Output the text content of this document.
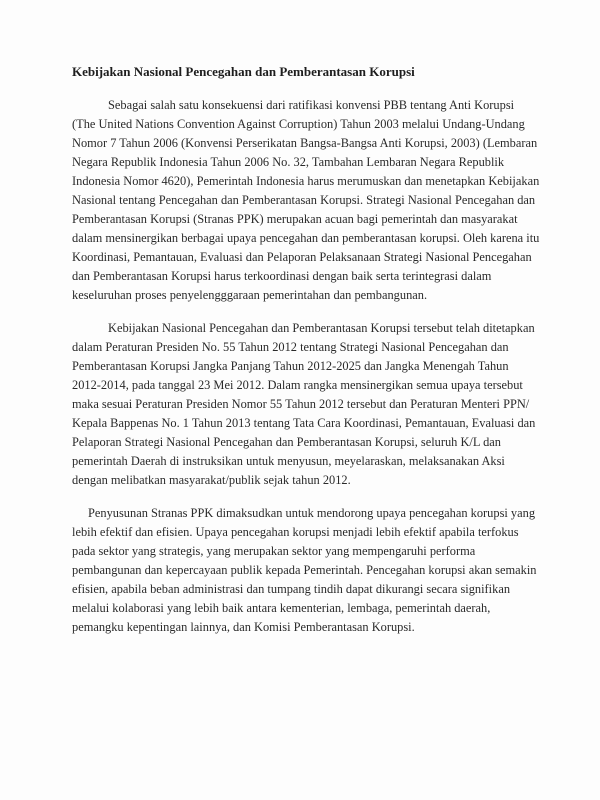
Kebijakan Nasional Pencegahan dan Pemberantasan Korupsi

Sebagai salah satu konsekuensi dari ratifikasi konvensi PBB tentang Anti Korupsi (The United Nations Convention Against Corruption) Tahun 2003 melalui Undang-Undang Nomor 7 Tahun 2006 (Konvensi Perserikatan Bangsa-Bangsa Anti Korupsi, 2003) (Lembaran Negara Republik Indonesia Tahun 2006 No. 32, Tambahan Lembaran Negara Republik Indonesia Nomor 4620), Pemerintah Indonesia harus merumuskan dan menetapkan Kebijakan Nasional tentang Pencegahan dan Pemberantasan Korupsi. Strategi Nasional Pencegahan dan Pemberantasan Korupsi (Stranas PPK) merupakan acuan bagi pemerintah dan masyarakat dalam mensinergikan berbagai upaya pencegahan dan pemberantasan korupsi. Oleh karena itu Koordinasi, Pemantauan, Evaluasi dan Pelaporan Pelaksanaan Strategi Nasional Pencegahan dan Pemberantasan Korupsi harus terkoordinasi dengan baik serta terintegrasi dalam keseluruhan proses penyelengggaraan pemerintahan dan pembangunan.

Kebijakan Nasional Pencegahan dan Pemberantasan Korupsi tersebut telah ditetapkan dalam Peraturan Presiden No. 55 Tahun 2012 tentang Strategi Nasional Pencegahan dan Pemberantasan Korupsi Jangka Panjang Tahun 2012-2025 dan Jangka Menengah Tahun 2012-2014, pada tanggal 23 Mei 2012. Dalam rangka mensinergikan semua upaya tersebut maka sesuai Peraturan Presiden Nomor 55 Tahun 2012 tersebut dan Peraturan Menteri PPN/ Kepala Bappenas No. 1 Tahun 2013 tentang Tata Cara Koordinasi, Pemantauan, Evaluasi dan Pelaporan Strategi Nasional Pencegahan dan Pemberantasan Korupsi, seluruh K/L dan pemerintah Daerah di instruksikan untuk menyusun, meyelaraskan, melaksanakan Aksi dengan melibatkan masyarakat/publik sejak tahun 2012.

Penyusunan Stranas PPK dimaksudkan untuk mendorong upaya pencegahan korupsi yang lebih efektif dan efisien. Upaya pencegahan korupsi menjadi lebih efektif apabila terfokus pada sektor yang strategis, yang merupakan sektor yang mempengaruhi performa pembangunan dan kepercayaan publik kepada Pemerintah. Pencegahan korupsi akan semakin efisien, apabila beban administrasi dan tumpang tindih dapat dikurangi secara signifikan melalui kolaborasi yang lebih baik antara kementerian, lembaga, pemerintah daerah, pemangku kepentingan lainnya, dan Komisi Pemberantasan Korupsi.
